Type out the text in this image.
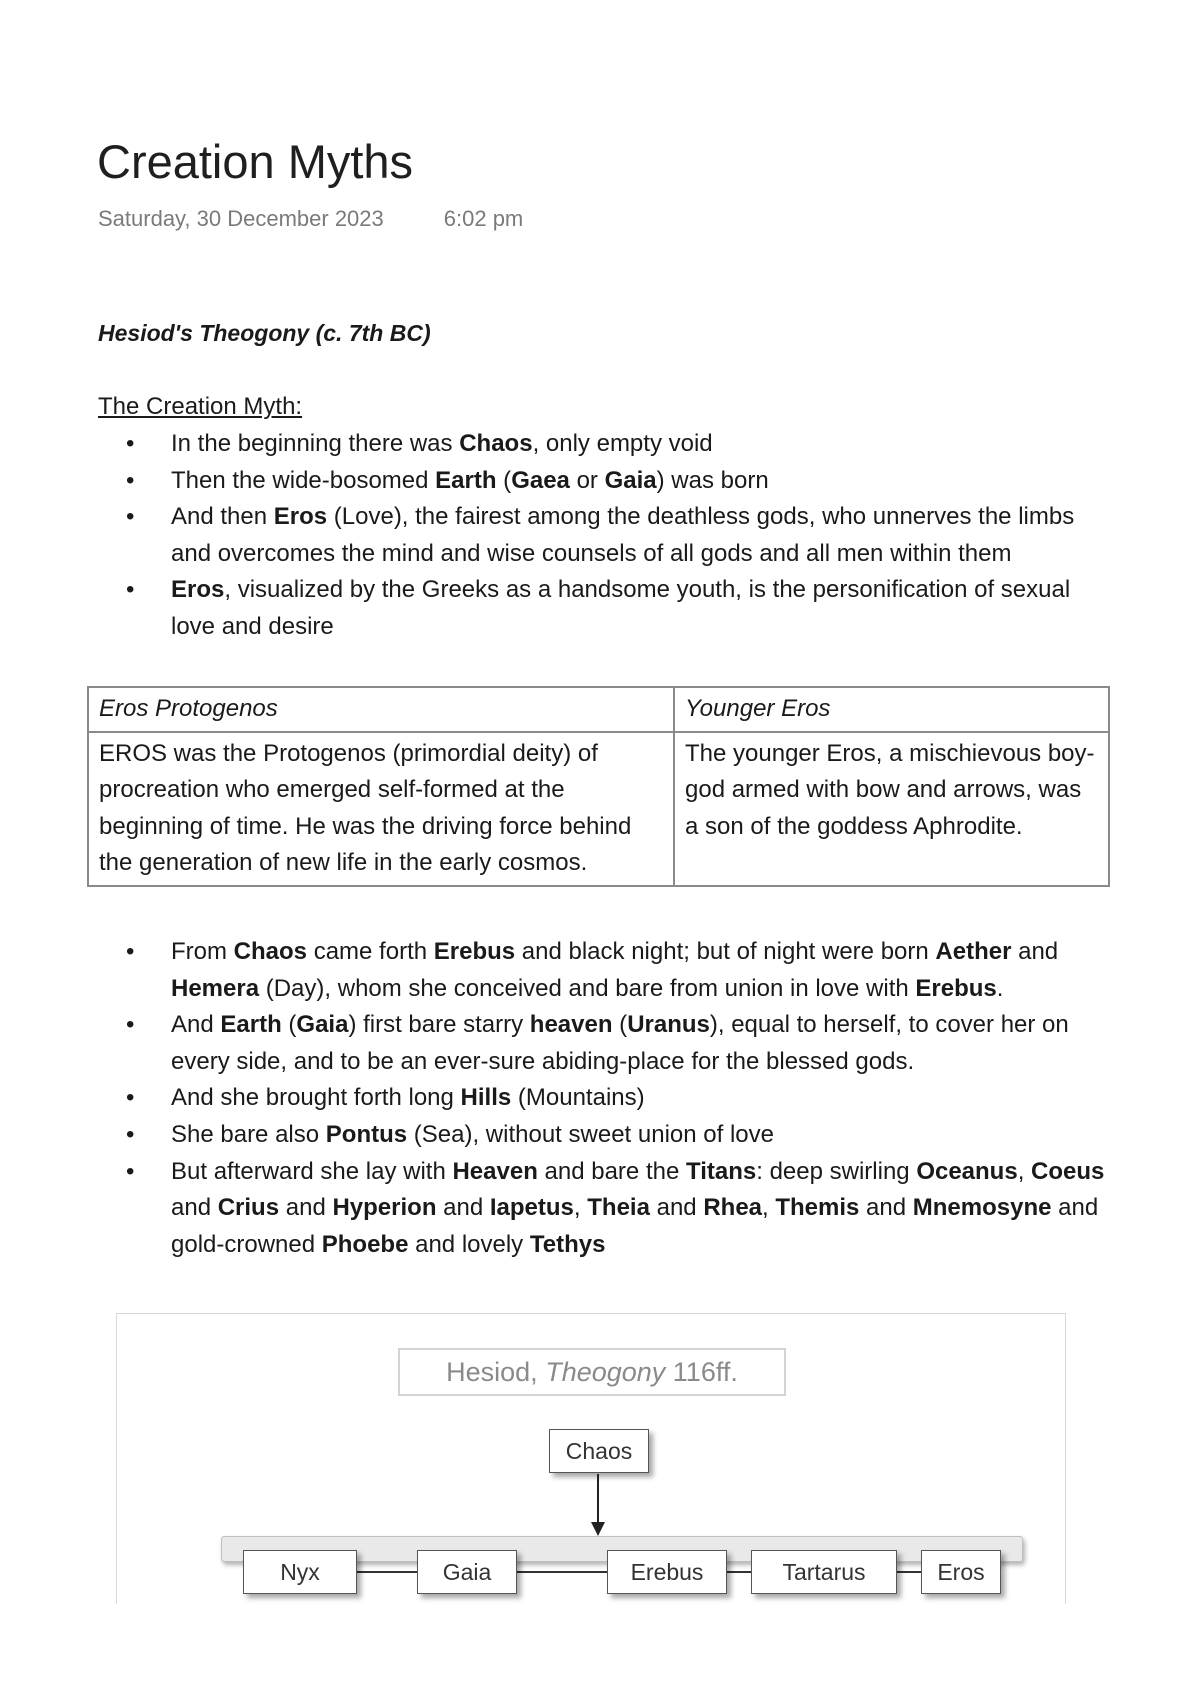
Creation Myths
Saturday, 30 December 2023	6:02 pm
Hesiod's Theogony (c. 7th BC)
The Creation Myth:
• In the beginning there was Chaos, only empty void
• Then the wide-bosomed Earth (Gaea or Gaia) was born
• And then Eros (Love), the fairest among the deathless gods, who unnerves the limbs and overcomes the mind and wise counsels of all gods and all men within them
• Eros, visualized by the Greeks as a handsome youth, is the personification of sexual love and desire
Eros Protogenos	Younger Eros
EROS was the Protogenos (primordial deity) of procreation who emerged self-formed at the beginning of time. He was the driving force behind the generation of new life in the early cosmos.	The younger Eros, a mischievous boy-god armed with bow and arrows, was a son of the goddess Aphrodite.
• From Chaos came forth Erebus and black night; but of night were born Aether and Hemera (Day), whom she conceived and bare from union in love with Erebus.
• And Earth (Gaia) first bare starry heaven (Uranus), equal to herself, to cover her on every side, and to be an ever-sure abiding-place for the blessed gods.
• And she brought forth long Hills (Mountains)
• She bare also Pontus (Sea), without sweet union of love
• But afterward she lay with Heaven and bare the Titans: deep swirling Oceanus, Coeus and Crius and Hyperion and Iapetus, Theia and Rhea, Themis and Mnemosyne and gold-crowned Phoebe and lovely Tethys
Hesiod, Theogony 116ff.
Chaos
Nyx	Gaia	Erebus	Tartarus	Eros
